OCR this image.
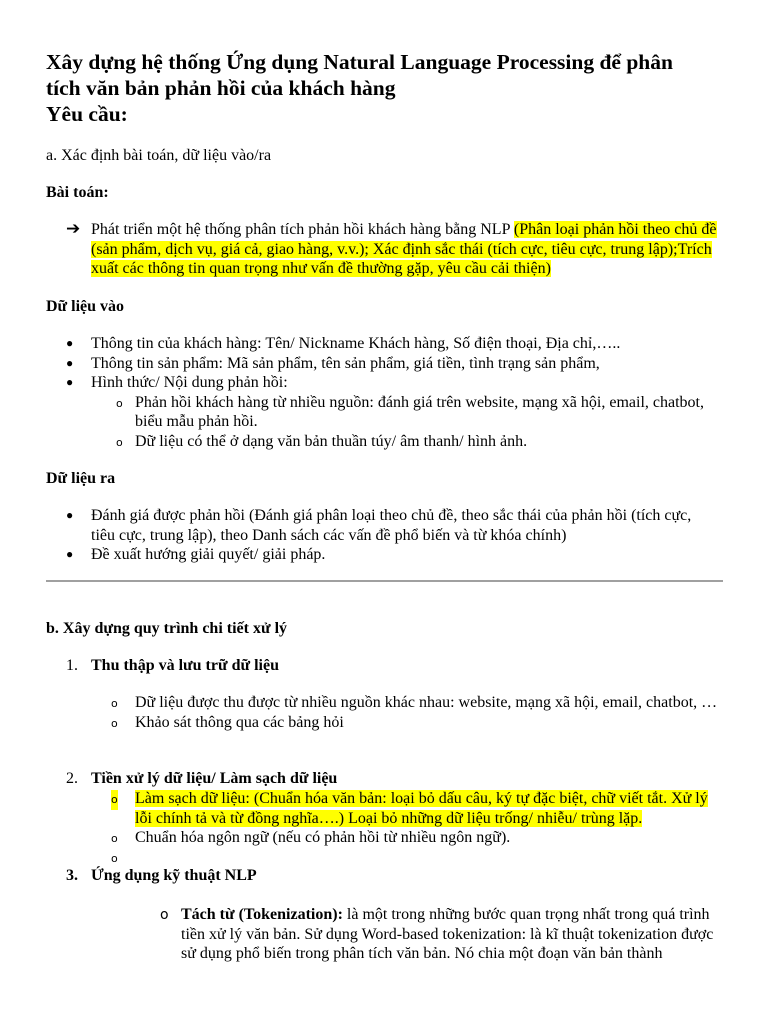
Xây dựng hệ thống Ứng dụng Natural Language Processing để phân
tích văn bản phản hồi của khách hàng
Yêu cầu:
a. Xác định bài toán, dữ liệu vào/ra
Bài toán:
➔ Phát triển một hệ thống phân tích phản hồi khách hàng bằng NLP (Phân loại phản hồi theo chủ đề (sản phẩm, dịch vụ, giá cả, giao hàng, v.v.); Xác định sắc thái (tích cực, tiêu cực, trung lập);Trích xuất các thông tin quan trọng như vấn đề thường gặp, yêu cầu cải thiện)
Dữ liệu vào
● Thông tin của khách hàng: Tên/ Nickname Khách hàng, Số điện thoại, Địa chỉ,…..
● Thông tin sản phẩm: Mã sản phẩm, tên sản phẩm, giá tiền, tình trạng sản phẩm,
● Hình thức/ Nội dung phản hồi:
o Phản hồi khách hàng từ nhiều nguồn: đánh giá trên website, mạng xã hội, email, chatbot, biểu mẫu phản hồi.
o Dữ liệu có thể ở dạng văn bản thuần túy/ âm thanh/ hình ảnh.
Dữ liệu ra
● Đánh giá được phản hồi (Đánh giá phân loại theo chủ đề, theo sắc thái của phản hồi (tích cực, tiêu cực, trung lập), theo Danh sách các vấn đề phổ biến và từ khóa chính)
● Đề xuất hướng giải quyết/ giải pháp.
b. Xây dựng quy trình chi tiết xử lý
1. Thu thập và lưu trữ dữ liệu
o Dữ liệu được thu được từ nhiều nguồn khác nhau: website, mạng xã hội, email, chatbot, …
o Khảo sát thông qua các bảng hỏi
2. Tiền xử lý dữ liệu/ Làm sạch dữ liệu
o Làm sạch dữ liệu: (Chuẩn hóa văn bản: loại bỏ dấu câu, ký tự đặc biệt, chữ viết tắt. Xử lý lỗi chính tả và từ đồng nghĩa….) Loại bỏ những dữ liệu trống/ nhiễu/ trùng lặp.
o Chuẩn hóa ngôn ngữ (nếu có phản hồi từ nhiều ngôn ngữ).
o
3. Ứng dụng kỹ thuật NLP
o Tách từ (Tokenization): là một trong những bước quan trọng nhất trong quá trình tiền xử lý văn bản. Sử dụng Word-based tokenization: là kĩ thuật tokenization được sử dụng phổ biến trong phân tích văn bản. Nó chia một đoạn văn bản thành
